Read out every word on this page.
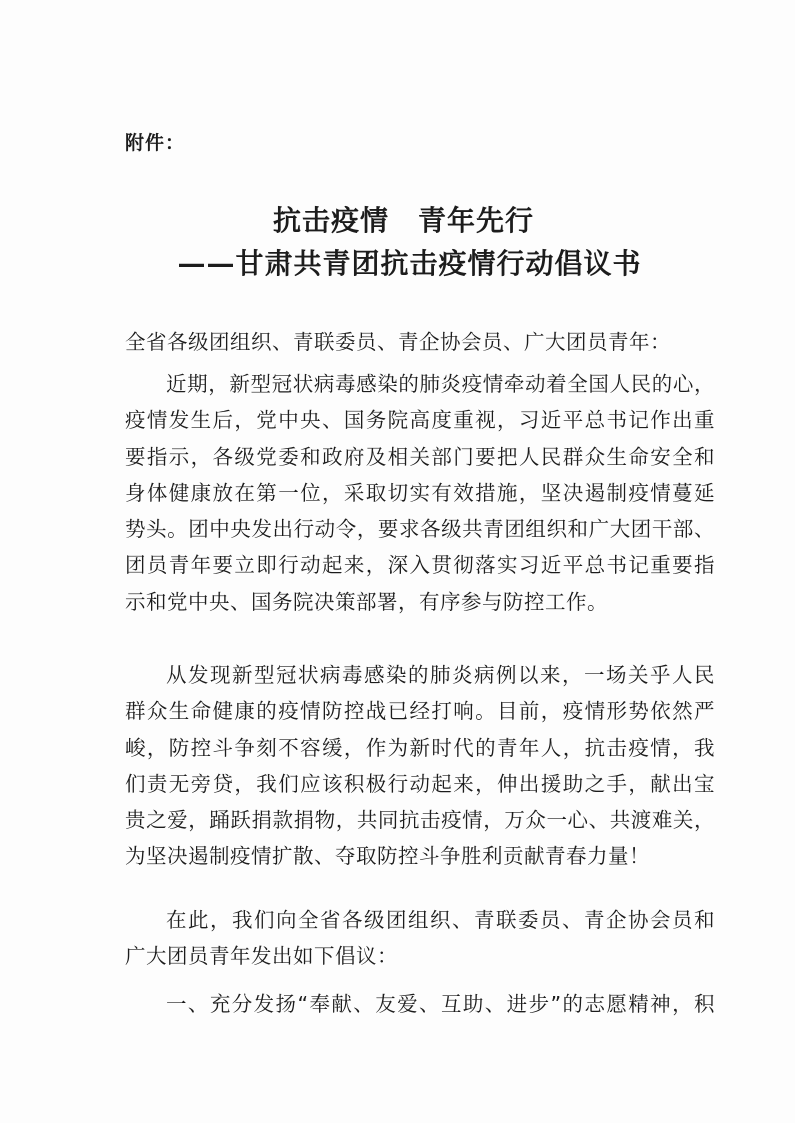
附件：
抗击疫情　青年先行
——甘肃共青团抗击疫情行动倡议书
全省各级团组织、青联委员、青企协会员、广大团员青年：
近期，新型冠状病毒感染的肺炎疫情牵动着全国人民的心，
疫情发生后，党中央、国务院高度重视，习近平总书记作出重
要指示，各级党委和政府及相关部门要把人民群众生命安全和
身体健康放在第一位，采取切实有效措施，坚决遏制疫情蔓延
势头。团中央发出行动令，要求各级共青团组织和广大团干部、
团员青年要立即行动起来，深入贯彻落实习近平总书记重要指
示和党中央、国务院决策部署，有序参与防控工作。
从发现新型冠状病毒感染的肺炎病例以来，一场关乎人民
群众生命健康的疫情防控战已经打响。目前，疫情形势依然严
峻，防控斗争刻不容缓，作为新时代的青年人，抗击疫情，我
们责无旁贷，我们应该积极行动起来，伸出援助之手，献出宝
贵之爱，踊跃捐款捐物，共同抗击疫情，万众一心、共渡难关，
为坚决遏制疫情扩散、夺取防控斗争胜利贡献青春力量！
在此，我们向全省各级团组织、青联委员、青企协会员和
广大团员青年发出如下倡议：
一、充分发扬“奉献、友爱、互助、进步”的志愿精神，积
